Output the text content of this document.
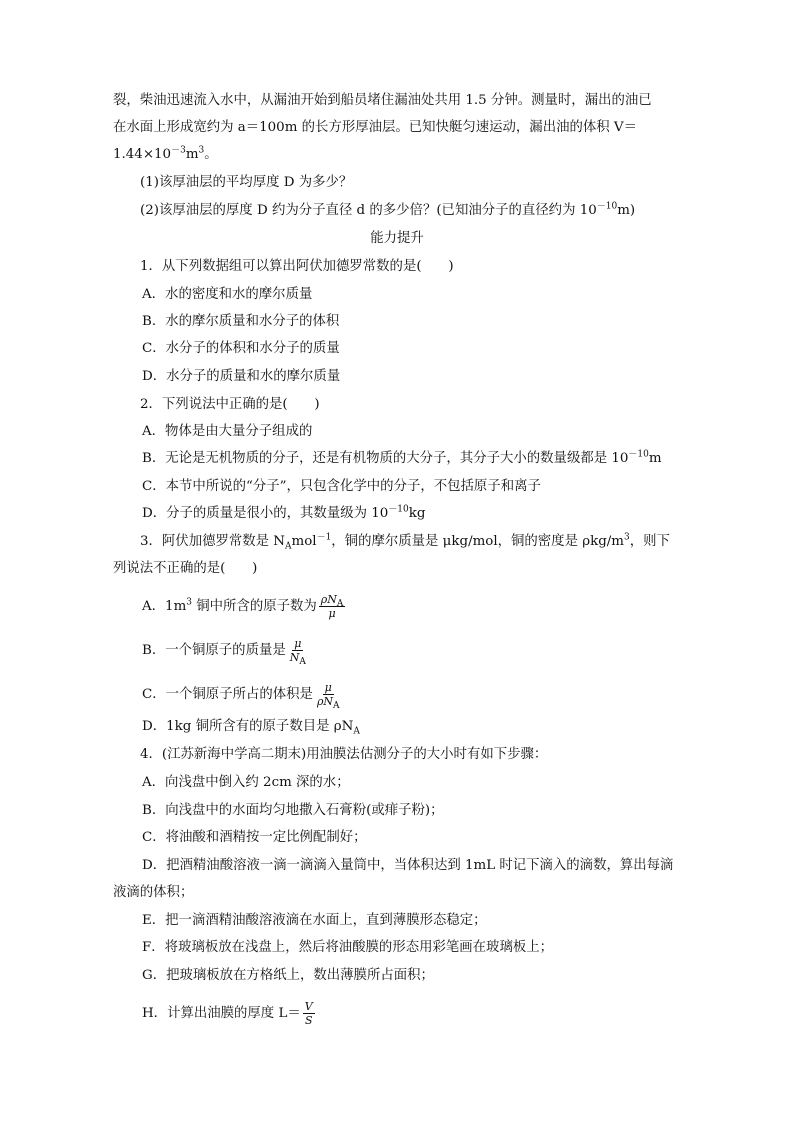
裂，柴油迅速流入水中，从漏油开始到船员堵住漏油处共用 1.5 分钟。测量时，漏出的油已
在水面上形成宽约为 a＝100m 的长方形厚油层。已知快艇匀速运动，漏出油的体积 V＝
$1.44\times 10^{-3}m^3$。
(1)该厚油层的平均厚度 D 为多少？
(2)该厚油层的厚度 D 约为分子直径 d 的多少倍？(已知油分子的直径约为 $10^{-10}m$)
能力提升
1．从下列数据组可以算出阿伏加德罗常数的是(　　)
A．水的密度和水的摩尔质量
B．水的摩尔质量和水分子的体积
C．水分子的体积和水分子的质量
D．水分子的质量和水的摩尔质量
2．下列说法中正确的是(　　)
A．物体是由大量分子组成的
B．无论是无机物质的分子，还是有机物质的大分子，其分子大小的数量级都是 $10^{-10}m$
C．本节中所说的“分子”，只包含化学中的分子，不包括原子和离子
D．分子的质量是很小的，其数量级为 $10^{-10}kg$
3．阿伏加德罗常数是 $N_Amol^{-1}$，铜的摩尔质量是 μkg/mol，铜的密度是 ρkg/$m^3$，则下
列说法不正确的是(　　)
A．$1m^3$ 铜中所含的原子数为 $\frac{\rho N_A}{\mu}$
B．一个铜原子的质量是 $\frac{\mu}{N_A}$
C．一个铜原子所占的体积是 $\frac{\mu}{\rho N_A}$
D．1kg 铜所含有的原子数目是 $\rho N_A$
4．(江苏新海中学高二期末)用油膜法估测分子的大小时有如下步骤：
A．向浅盘中倒入约 2cm 深的水；
B．向浅盘中的水面均匀地撒入石膏粉(或痱子粉)；
C．将油酸和酒精按一定比例配制好；
D．把酒精油酸溶液一滴一滴滴入量筒中，当体积达到 1mL 时记下滴入的滴数，算出每滴
液滴的体积；
E．把一滴酒精油酸溶液滴在水面上，直到薄膜形态稳定；
F．将玻璃板放在浅盘上，然后将油酸膜的形态用彩笔画在玻璃板上；
G．把玻璃板放在方格纸上，数出薄膜所占面积；
H．计算出油膜的厚度 $L= \frac{V}{S}$
